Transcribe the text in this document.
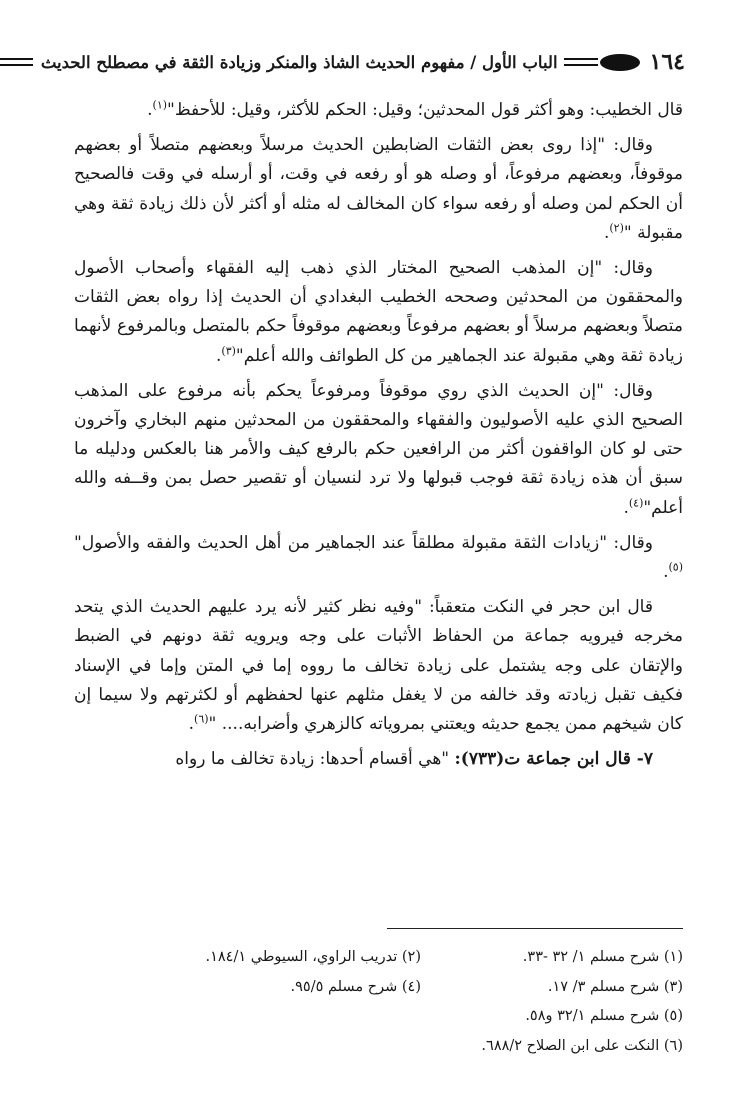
١٦٤
الباب الأول / مفهوم الحديث الشاذ والمنكر وزيادة الثقة في مصطلح الحديث

قال الخطيب: وهو أكثر قول المحدثين؛ وقيل: الحكم للأكثر، وقيل: للأحفظ"$^{(١)}$.

وقال: "إذا روى بعض الثقات الضابطين الحديث مرسلاً وبعضهم متصلاً أو بعضهم موقوفاً، وبعضهم مرفوعاً، أو وصله هو أو رفعه في وقت، أو أرسله في وقت فالصحيح أن الحكم لمن وصله أو رفعه سواء كان المخالف له مثله أو أكثر لأن ذلك زيادة ثقة وهي مقبولة "$^{(٢)}$.

وقال: "إن المذهب الصحيح المختار الذي ذهب إليه الفقهاء وأصحاب الأصول والمحققون من المحدثين وصححه الخطيب البغدادي أن الحديث إذا رواه بعض الثقات متصلاً وبعضهم مرسلاً أو بعضهم مرفوعاً وبعضهم موقوفاً حكم بالمتصل وبالمرفوع لأنهما زيادة ثقة وهي مقبولة عند الجماهير من كل الطوائف والله أعلم"$^{(٣)}$.

وقال: "إن الحديث الذي روي موقوفاً ومرفوعاً يحكم بأنه مرفوع على المذهب الصحيح الذي عليه الأصوليون والفقهاء والمحققون من المحدثين منهم البخاري وآخرون حتى لو كان الواقفون أكثر من الرافعين حكم بالرفع كيف والأمر هنا بالعكس ودليله ما سبق أن هذه زيادة ثقة فوجب قبولها ولا ترد لنسيان أو تقصير حصل بمن وقــفه والله أعلم"$^{(٤)}$.

وقال: "زيادات الثقة مقبولة مطلقاً عند الجماهير من أهل الحديث والفقه والأصول"$^{(٥)}$.

قال ابن حجر في النكت متعقباً: "وفيه نظر كثير لأنه يرد عليهم الحديث الذي يتحد مخرجه فيرويه جماعة من الحفاظ الأثبات على وجه ويرويه ثقة دونهم في الضبط والإتقان على وجه يشتمل على زيادة تخالف ما رووه إما في المتن وإما في الإسناد فكيف تقبل زيادته وقد خالفه من لا يغفل مثلهم عنها لحفظهم أو لكثرتهم ولا سيما إن كان شيخهم ممن يجمع حديثه ويعتني بمروياته كالزهري وأضرابه.... "$^{(٦)}$.

٧- قال ابن جماعة ت(٧٣٣): "هي أقسام أحدها: زيادة تخالف ما رواه

(١) شرح مسلم ١/ ٣٢ -٣٣.
(٢) تدريب الراوي، السيوطي ١٨٤/١.
(٣) شرح مسلم ٣/ ١٧.
(٤) شرح مسلم ٩٥/٥.
(٥) شرح مسلم ٣٢/١ و٥٨.
(٦) النكت على ابن الصلاح ٦٨٨/٢.
